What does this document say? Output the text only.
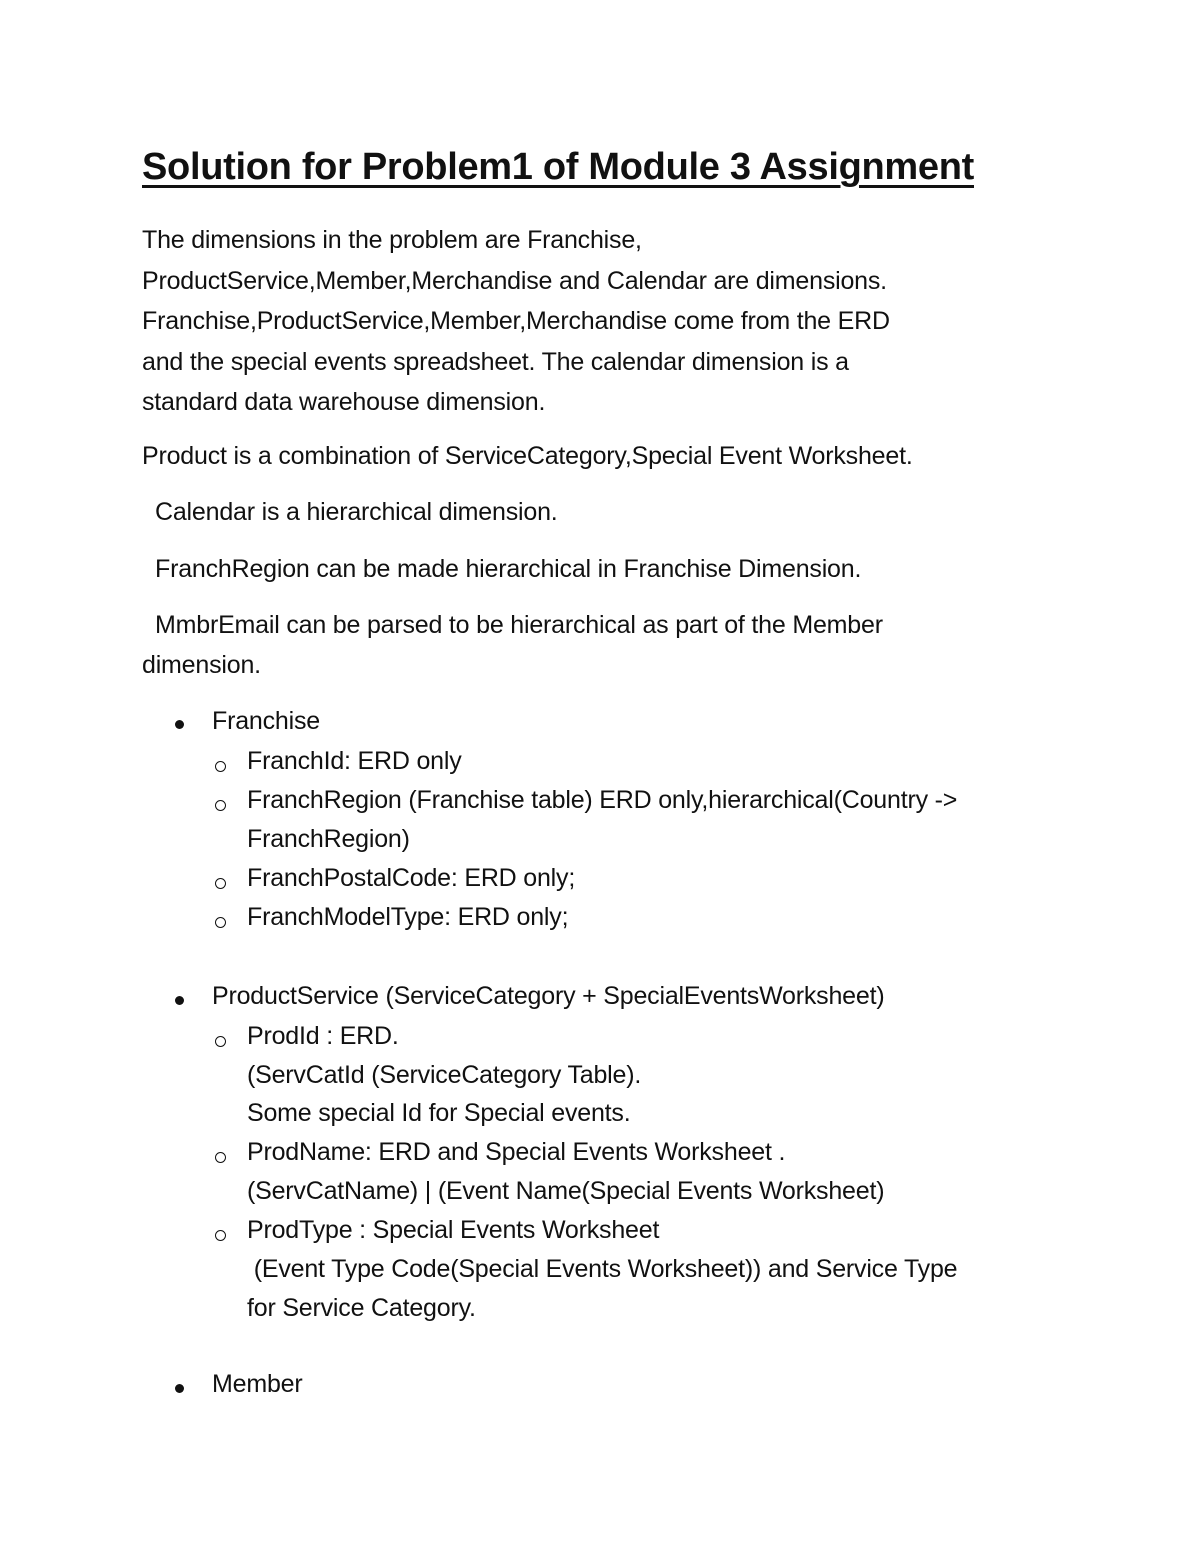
Solution for Problem1 of Module 3 Assignment
The dimensions in the problem are Franchise,
ProductService,Member,Merchandise and Calendar are dimensions.
Franchise,ProductService,Member,Merchandise come from the ERD
and the special events spreadsheet. The calendar dimension is a
standard data warehouse dimension.
Product is a combination of ServiceCategory,Special Event Worksheet.
Calendar is a hierarchical dimension.
FranchRegion can be made hierarchical in Franchise Dimension.
MmbrEmail can be parsed to be hierarchical as part of the Member
dimension.
Franchise
FranchId: ERD only
FranchRegion (Franchise table) ERD only,hierarchical(Country ->
FranchRegion)
FranchPostalCode: ERD only;
FranchModelType: ERD only;
ProductService (ServiceCategory + SpecialEventsWorksheet)
ProdId : ERD.
(ServCatId (ServiceCategory Table).
Some special Id for Special events.
ProdName: ERD and Special Events Worksheet .
(ServCatName) | (Event Name(Special Events Worksheet)
ProdType : Special Events Worksheet
(Event Type Code(Special Events Worksheet)) and Service Type
for Service Category.
Member
